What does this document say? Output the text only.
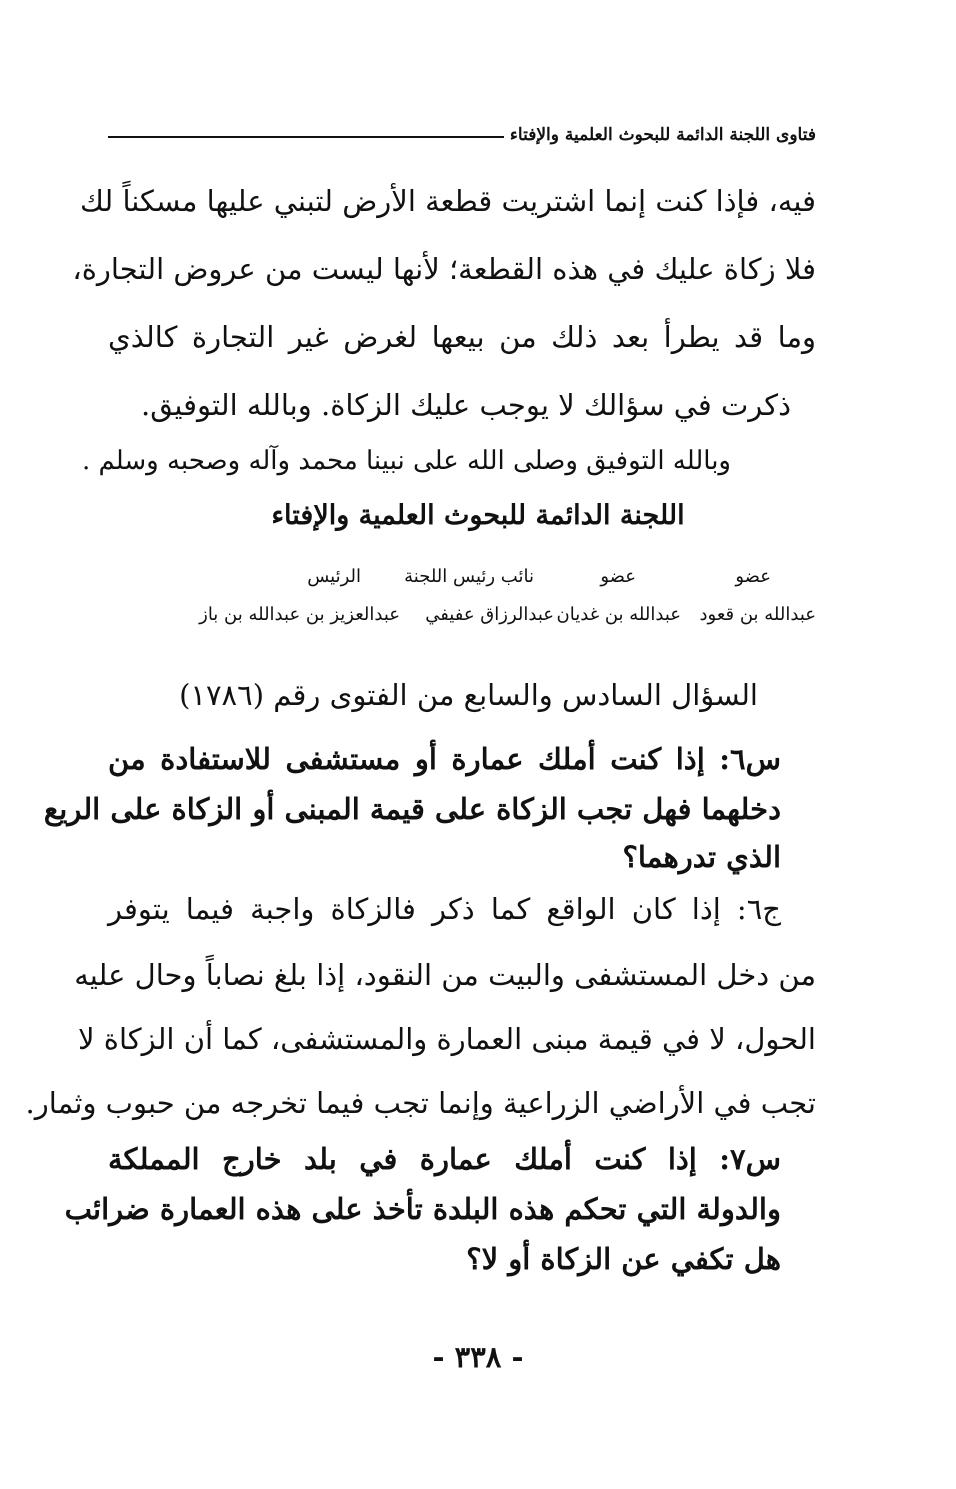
فتاوى اللجنة الدائمة للبحوث العلمية والإفتاء
فيه، فإذا كنت إنما اشتريت قطعة الأرض لتبني عليها مسكناً لك
فلا زكاة عليك في هذه القطعة؛ لأنها ليست من عروض التجارة،
وما قد يطرأ بعد ذلك من بيعها لغرض غير التجارة كالذي
ذكرت في سؤالك لا يوجب عليك الزكاة. وبالله التوفيق.
وبالله التوفيق وصلى الله على نبينا محمد وآله وصحبه وسلم .
اللجنة الدائمة للبحوث العلمية والإفتاء
عضو
عضو
نائب رئيس اللجنة
الرئيس
عبدالله بن قعود
عبدالله بن غديان
عبدالرزاق عفيفي
عبدالعزيز بن عبدالله بن باز
السؤال السادس والسابع من الفتوى رقم (١٧٨٦)
س٦: إذا كنت أملك عمارة أو مستشفى للاستفادة من
دخلهما فهل تجب الزكاة على قيمة المبنى أو الزكاة على الريع
الذي تدرهما؟
ج٦: إذا كان الواقع كما ذكر فالزكاة واجبة فيما يتوفر
من دخل المستشفى والبيت من النقود، إذا بلغ نصاباً وحال عليه
الحول، لا في قيمة مبنى العمارة والمستشفى، كما أن الزكاة لا
تجب في الأراضي الزراعية وإنما تجب فيما تخرجه من حبوب وثمار.
س٧: إذا كنت أملك عمارة في بلد خارج المملكة
والدولة التي تحكم هذه البلدة تأخذ على هذه العمارة ضرائب
هل تكفي عن الزكاة أو لا؟
- ٣٣٨ -
